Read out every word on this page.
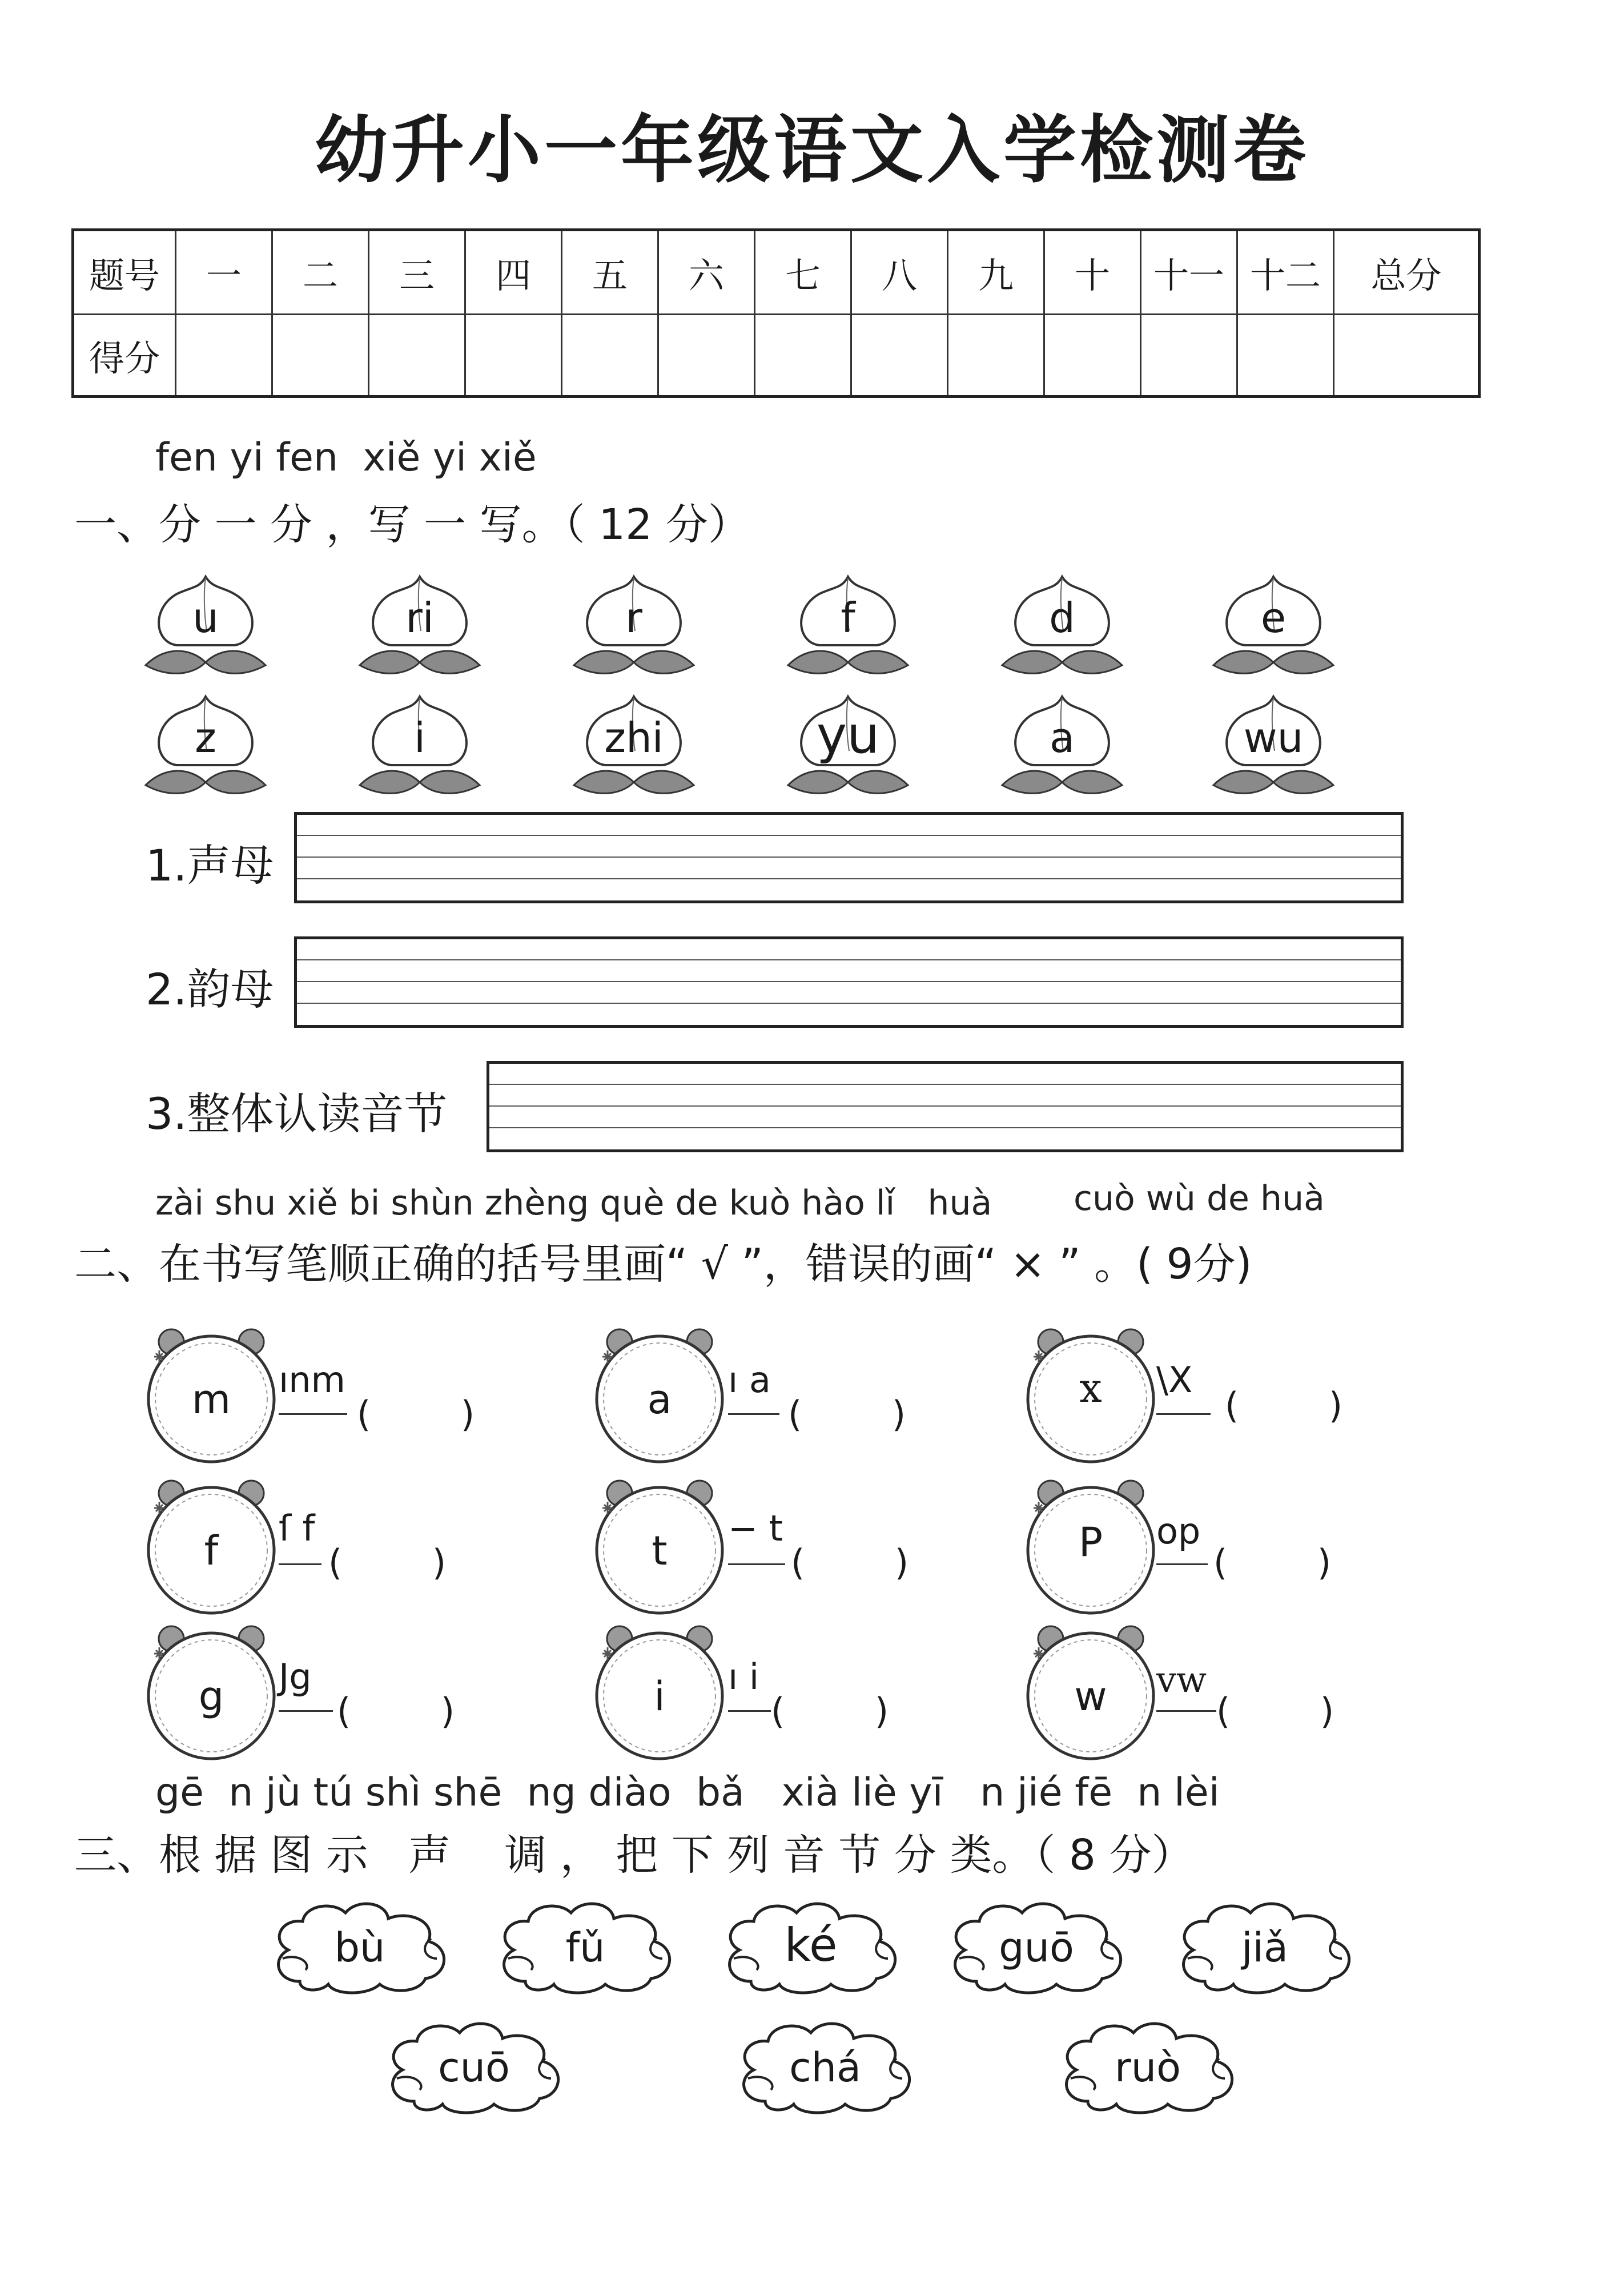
幼升小一年级语文入学检测卷
题号	一	二	三	四	五	六	七	八	九	十	十一	十二	总分
得分													
fen yi fen  xiě yi xiě
一、分 一 分 ，写 一 写。（ 12 分）
u	ri	r	f	d	e
z	i	zhi	yu	a	wu
1.声母
2.韵母
3.整体认读音节
zài shu xiě bi shùn zhèng què de kuò hào lǐ   huà cuò wù de huà
二、在书写笔顺正确的括号里画“ √ ”，错误的画“ × ” 。( 9分)
m	ınm
(        )	a	ı a
(        )
x	\X
(        )
f	ſ f
(        )	t	− t
(        )	P	op
(        )
g	Jg
(        )	i	ı i
(        )	w	vw
(        )
gē  n jù tú shì shē  ng diào  bǎ   xià liè yī   n jié fē  n lèi
三、根 据 图 示   声    调 ， 把 下 列 音 节 分 类。（ 8 分）
bù	fǔ	ké	guō	jiǎ
cuō	chá	ruò
